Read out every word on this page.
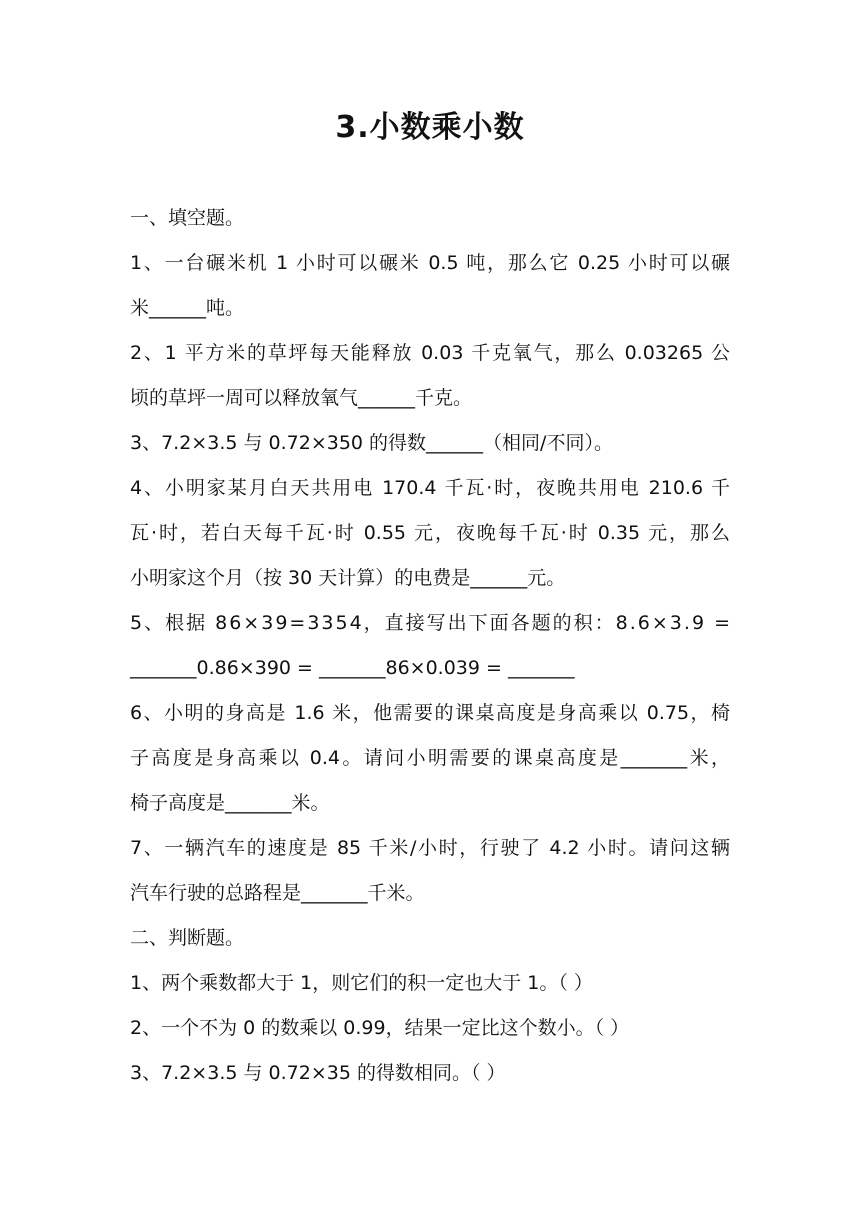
3.小数乘小数
一、填空题。
1、一台碾米机 1 小时可以碾米 0.5 吨，那么它 0.25 小时可以碾
米______吨。
2、1 平方米的草坪每天能释放 0.03 千克氧气，那么 0.03265 公
顷的草坪一周可以释放氧气______千克。
3、7.2×3.5 与 0.72×350 的得数______（相同/不同）。
4、小明家某月白天共用电 170.4 千瓦·时，夜晚共用电 210.6 千
瓦·时，若白天每千瓦·时 0.55 元，夜晚每千瓦·时 0.35 元，那么
小明家这个月（按 30 天计算）的电费是______元。
5、根据 86×39=3354，直接写出下面各题的积：8.6×3.9 =
_______0.86×390 = _______86×0.039 = _______
6、小明的身高是 1.6 米，他需要的课桌高度是身高乘以 0.75，椅
子高度是身高乘以 0.4。请问小明需要的课桌高度是_______米，
椅子高度是_______米。
7、一辆汽车的速度是 85 千米/小时，行驶了 4.2 小时。请问这辆
汽车行驶的总路程是_______千米。
二、判断题。
1、两个乘数都大于 1，则它们的积一定也大于 1。（ ）
2、一个不为 0 的数乘以 0.99，结果一定比这个数小。（ ）
3、7.2×3.5 与 0.72×35 的得数相同。（ ）
